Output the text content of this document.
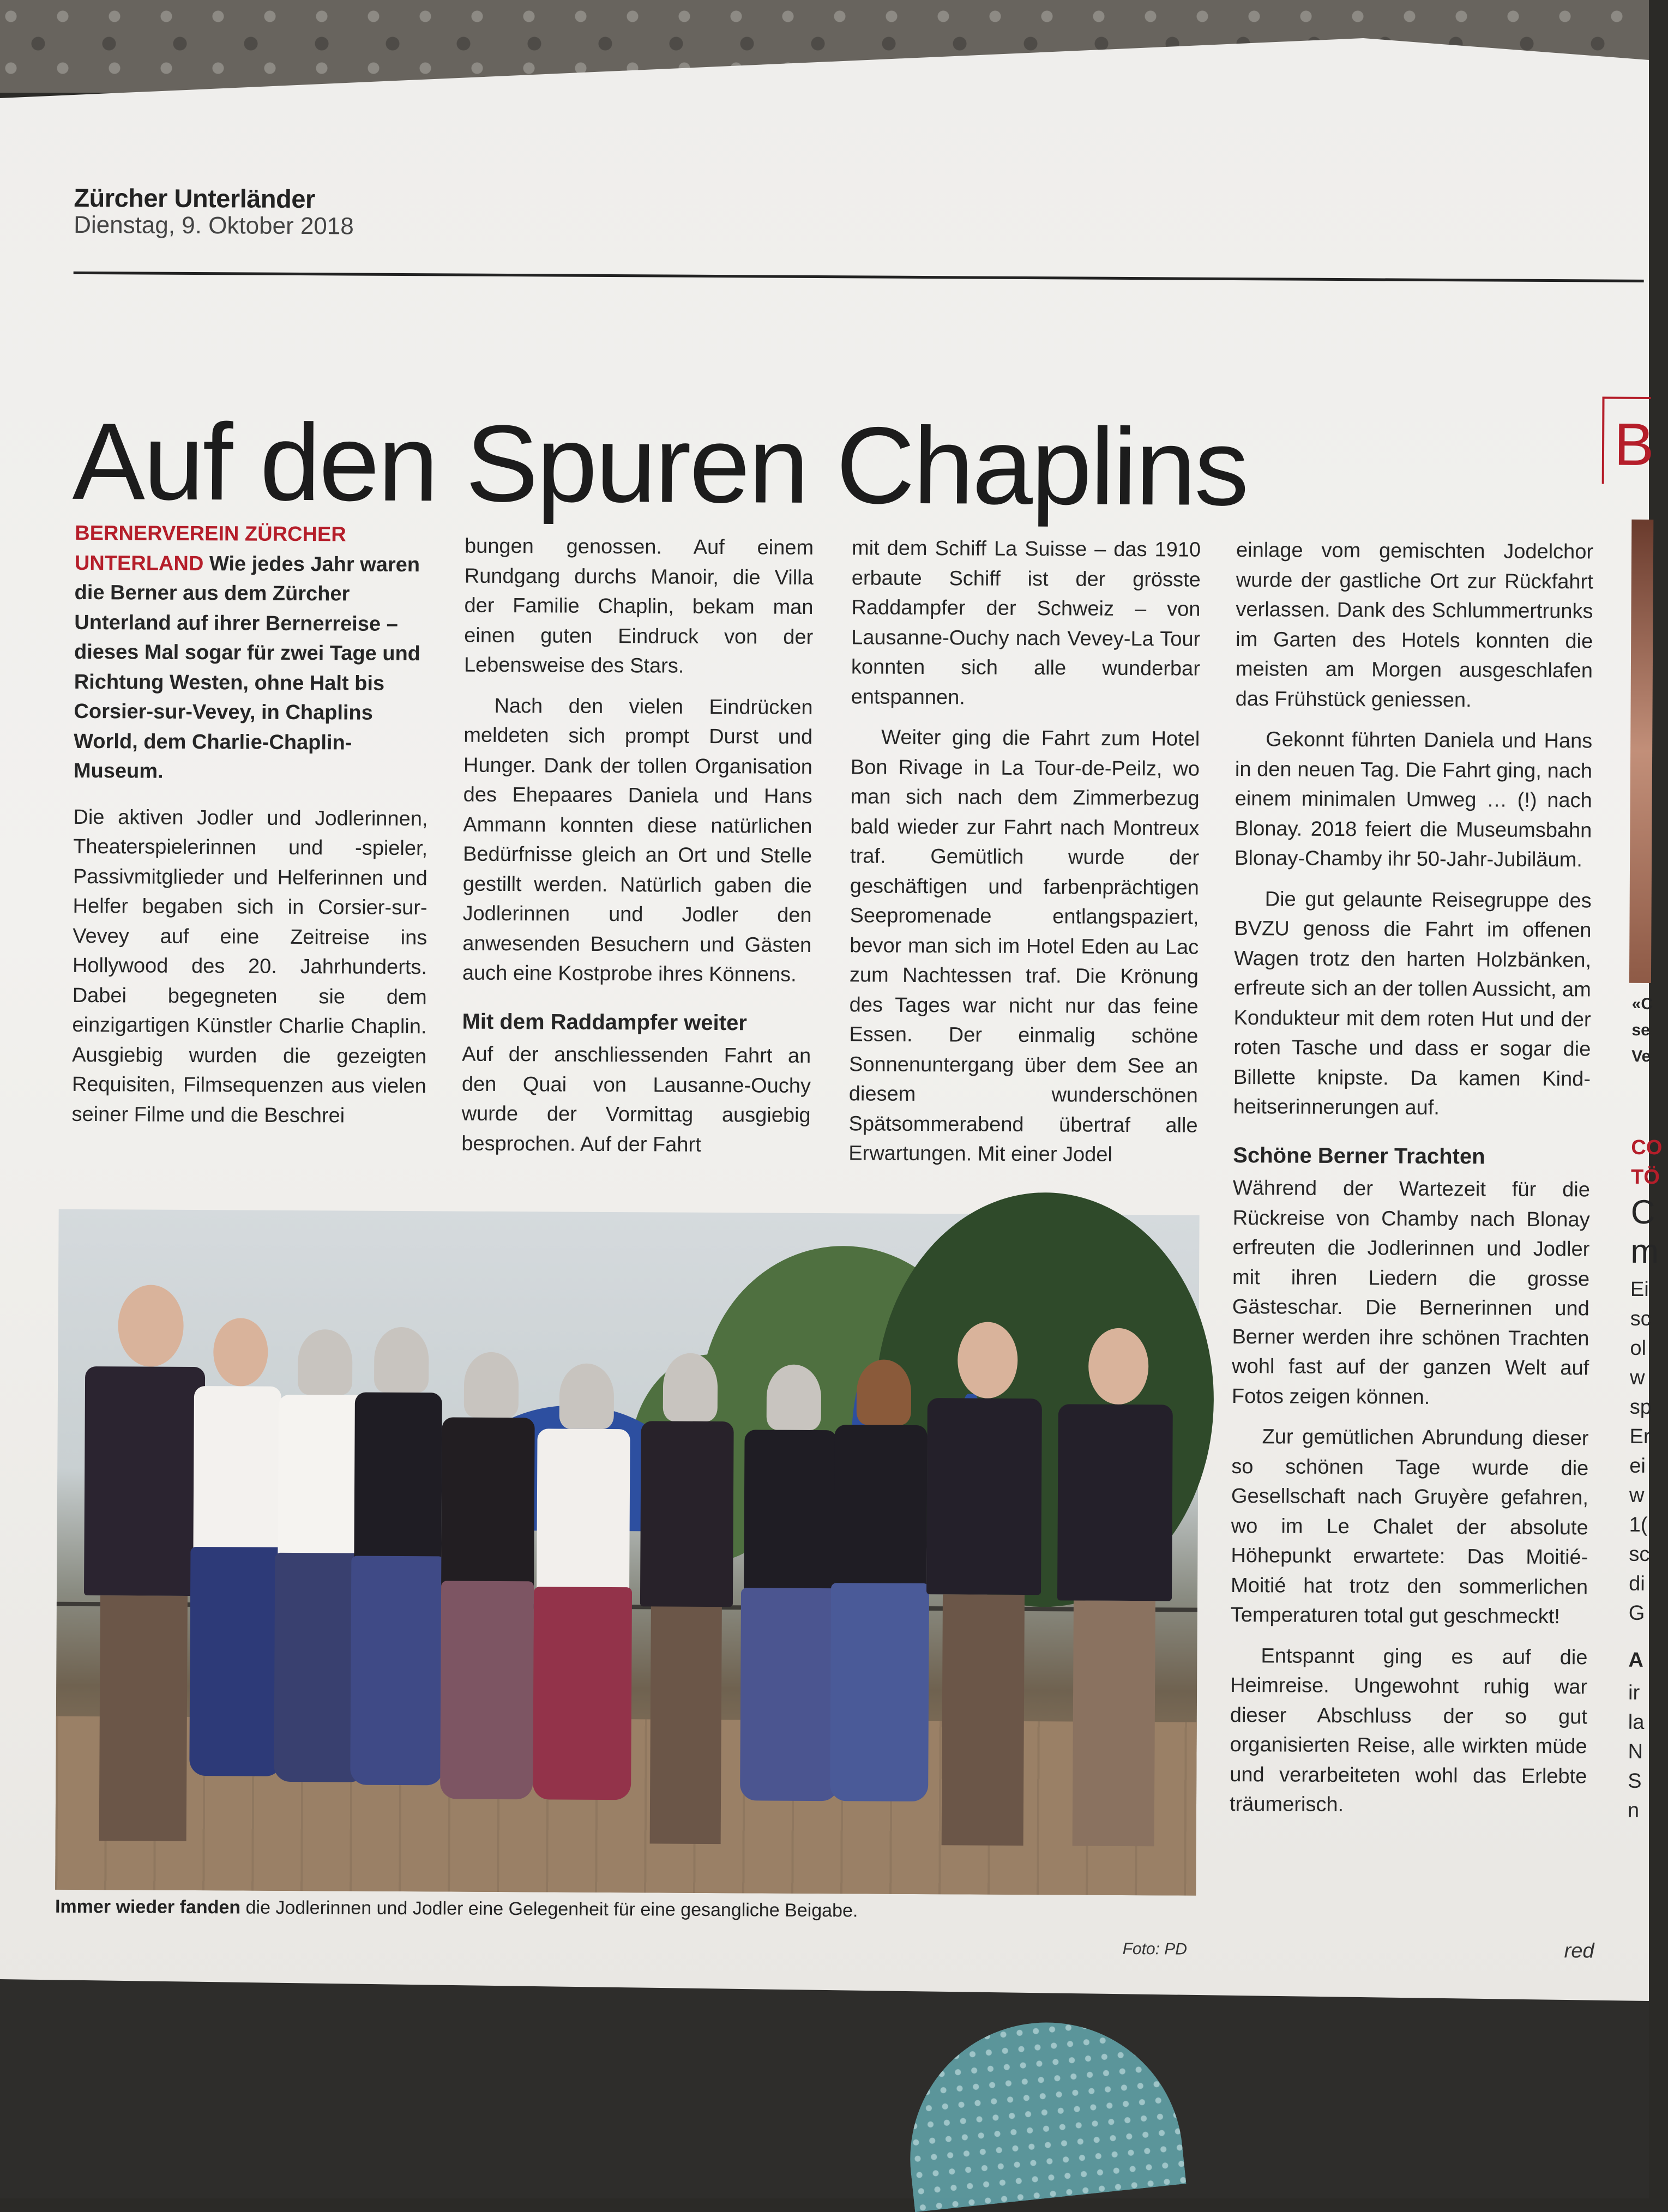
Zürcher Unterländer
Dienstag, 9. Oktober 2018
Auf den Spuren Chaplins

BERNERVEREIN ZÜRCHER UNTERLAND Wie jedes Jahr waren die Berner aus dem Zürcher Unterland auf ihrer Bernerreise – dieses Mal sogar für zwei Tage und Richtung Westen, ohne Halt bis Corsier-sur-Vevey, in Chaplins World, dem Charlie-Chaplin-Museum.

Die aktiven Jodler und Jodlerinnen, Theaterspielerinnen und -spieler, Passivmitglieder und Helferinnen und Helfer begaben sich in Corsier-sur-Vevey auf eine Zeitreise ins Hollywood des 20. Jahrhunderts. Dabei begegneten sie dem einzigartigen Künstler Charlie Chaplin. Ausgiebig wurden die gezeigten Requisiten, Filmsequenzen aus vielen seiner Filme und die Beschrei

bungen genossen. Auf einem Rundgang durchs Manoir, die Villa der Familie Chaplin, bekam man einen guten Eindruck von der Lebensweise des Stars.

Nach den vielen Eindrücken meldeten sich prompt Durst und Hunger. Dank der tollen Organisation des Ehepaares Daniela und Hans Ammann konnten diese natürlichen Bedürfnisse gleich an Ort und Stelle gestillt werden. Natürlich gaben die Jodlerinnen und Jodler den anwesenden Besuchern und Gästen auch eine Kostprobe ihres Könnens.

Mit dem Raddampfer weiter

Auf der anschliessenden Fahrt an den Quai von Lausanne-Ouchy wurde der Vormittag ausgiebig besprochen. Auf der Fahrt

mit dem Schiff La Suisse – das 1910 erbaute Schiff ist der grösste Raddampfer der Schweiz – von Lausanne-Ouchy nach Vevey-La Tour konnten sich alle wunderbar entspannen.

Weiter ging die Fahrt zum Hotel Bon Rivage in La Tour-de-Peilz, wo man sich nach dem Zimmerbezug bald wieder zur Fahrt nach Montreux traf. Gemütlich wurde der geschäftigen und farbenprächtigen Seepromenade entlangspaziert, bevor man sich im Hotel Eden au Lac zum Nachtessen traf. Die Krönung des Tages war nicht nur das feine Essen. Der einmalig schöne Sonnenuntergang über dem See an diesem wunderschönen Spätsommerabend übertraf alle Erwartungen. Mit einer Jodel

einlage vom gemischten Jodelchor wurde der gastliche Ort zur Rückfahrt verlassen. Dank des Schlummertrunks im Garten des Hotels konnten die meisten am Morgen ausgeschlafen das Frühstück geniessen.

Gekonnt führten Daniela und Hans in den neuen Tag. Die Fahrt ging, nach einem minimalen Umweg … (!) nach Blonay. 2018 feiert die Museumsbahn Blonay-Chamby ihr 50-Jahr-Jubiläum.

Die gut gelaunte Reisegruppe des BVZU genoss die Fahrt im offenen Wagen trotz den harten Holzbänken, erfreute sich an der tollen Aussicht, am Kondukteur mit dem roten Hut und der roten Tasche und dass er sogar die Billette knipste. Da kamen Kindheitserinnerungen auf.

Schöne Berner Trachten

Während der Wartezeit für die Rückreise von Chamby nach Blonay erfreuten die Jodlerinnen und Jodler mit ihren Liedern die grosse Gästeschar. Die Bernerinnen und Berner werden ihre schönen Trachten wohl fast auf der ganzen Welt auf Fotos zeigen können.

Zur gemütlichen Abrundung dieser so schönen Tage wurde die Gesellschaft nach Gruyère gefahren, wo im Le Chalet der absolute Höhepunkt erwartete: Das Moitié-Moitié hat trotz den sommerlichen Temperaturen total gut geschmeckt!

Entspannt ging es auf die Heimreise. Ungewohnt ruhig war dieser Abschluss der so gut organisierten Reise, alle wirkten müde und verarbeiteten wohl das Erlebte träumerisch.

Immer wieder fanden die Jodlerinnen und Jodler eine Gelegenheit für eine gesangliche Beigabe.
Foto: PD	red
B
«C
se
Ve
CO
TÖ
C
m
Ei
sc
ol
w
sp
Er
ei
w
1(
sc
di
G
A
ir
la
N
S
n
